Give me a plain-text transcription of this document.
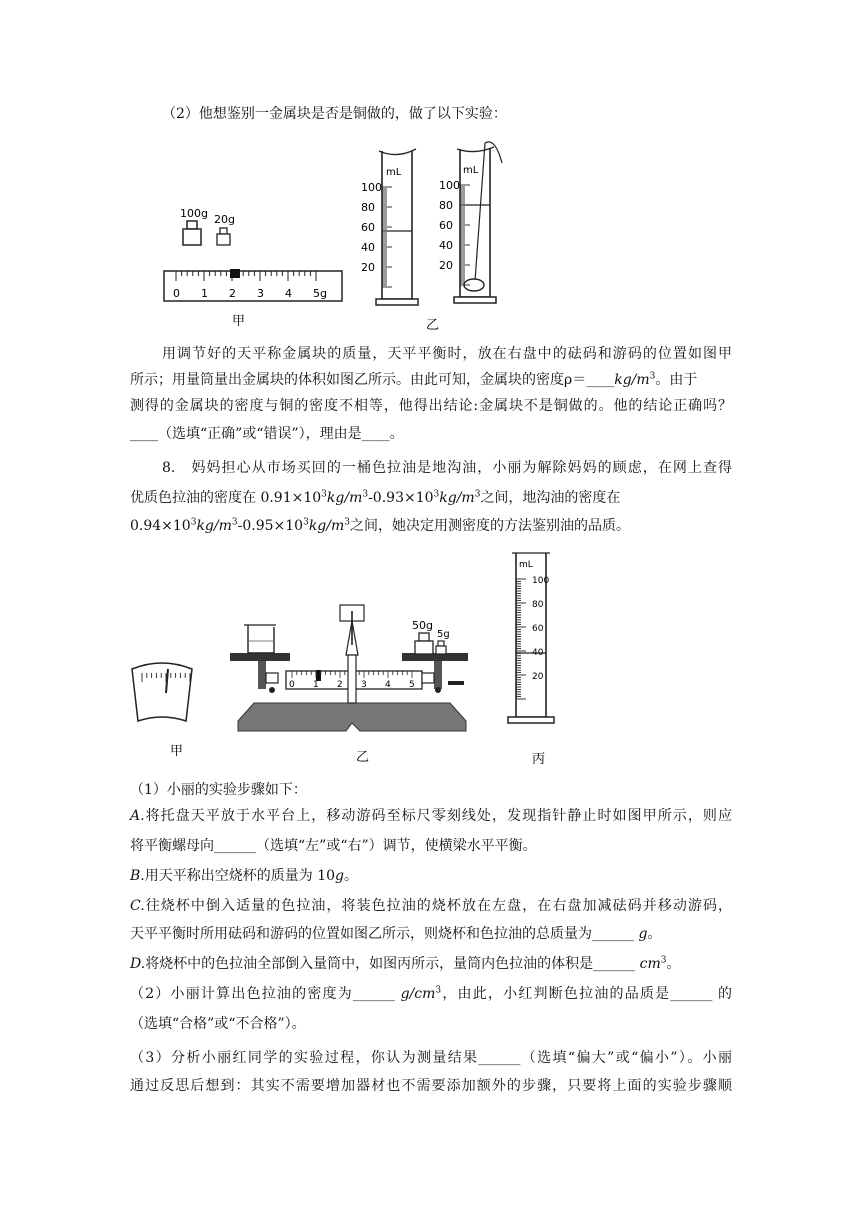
（2）他想鉴别一金属块是否是铜做的，做了以下实验：
100g 20g
0 1 2 3 4 5g
100
80
60
40
20
mL
100
80
60
40
20
mL
甲	乙
用调节好的天平称金属块的质量，天平平衡时，放在右盘中的砝码和游码的位置如图甲
所示；用量筒量出金属块的体积如图乙所示。由此可知，金属块的密度$\rho=\_\_\_\_kg/m^3$。由于
测得的金属块的密度与铜的密度不相等，他得出结论:金属块不是铜做的。他的结论正确吗？
____（选填“正确”或“错误”），理由是____。
8.　妈妈担心从市场买回的一桶色拉油是地沟油，小丽为解除妈妈的顾虑，在网上查得
优质色拉油的密度在 $0.91\times 10^3kg/m^3-0.93\times 10^3kg/m^3$之间，地沟油的密度在
$0.94\times 10^3kg/m^3-0.95\times 10^3kg/m^3$之间，她决定用测密度的方法鉴别油的品质。
0 1 2 3 4 5
50g
5g
100
80
60
40
20
mL
甲	乙	丙
（1）小丽的实验步骤如下：
A.将托盘天平放于水平台上，移动游码至标尺零刻线处，发现指针静止时如图甲所示，则应
将平衡螺母向______（选填“左”或“右”）调节，使横梁水平平衡。
B.用天平称出空烧杯的质量为 10g。
C.往烧杯中倒入适量的色拉油，将装色拉油的烧杯放在左盘，在右盘加减砝码并移动游码，
天平平衡时所用砝码和游码的位置如图乙所示，则烧杯和色拉油的总质量为______ g。
D.将烧杯中的色拉油全部倒入量筒中，如图丙所示，量筒内色拉油的体积是______ $cm^3$。
（2）小丽计算出色拉油的密度为______ $g/cm^3$，由此，小红判断色拉油的品质是______ 的
（选填“合格”或“不合格”）。
（3）分析小丽红同学的实验过程，你认为测量结果______（选填“偏大”或“偏小”）。小丽
通过反思后想到：其实不需要增加器材也不需要添加额外的步骤，只要将上面的实验步骤顺
